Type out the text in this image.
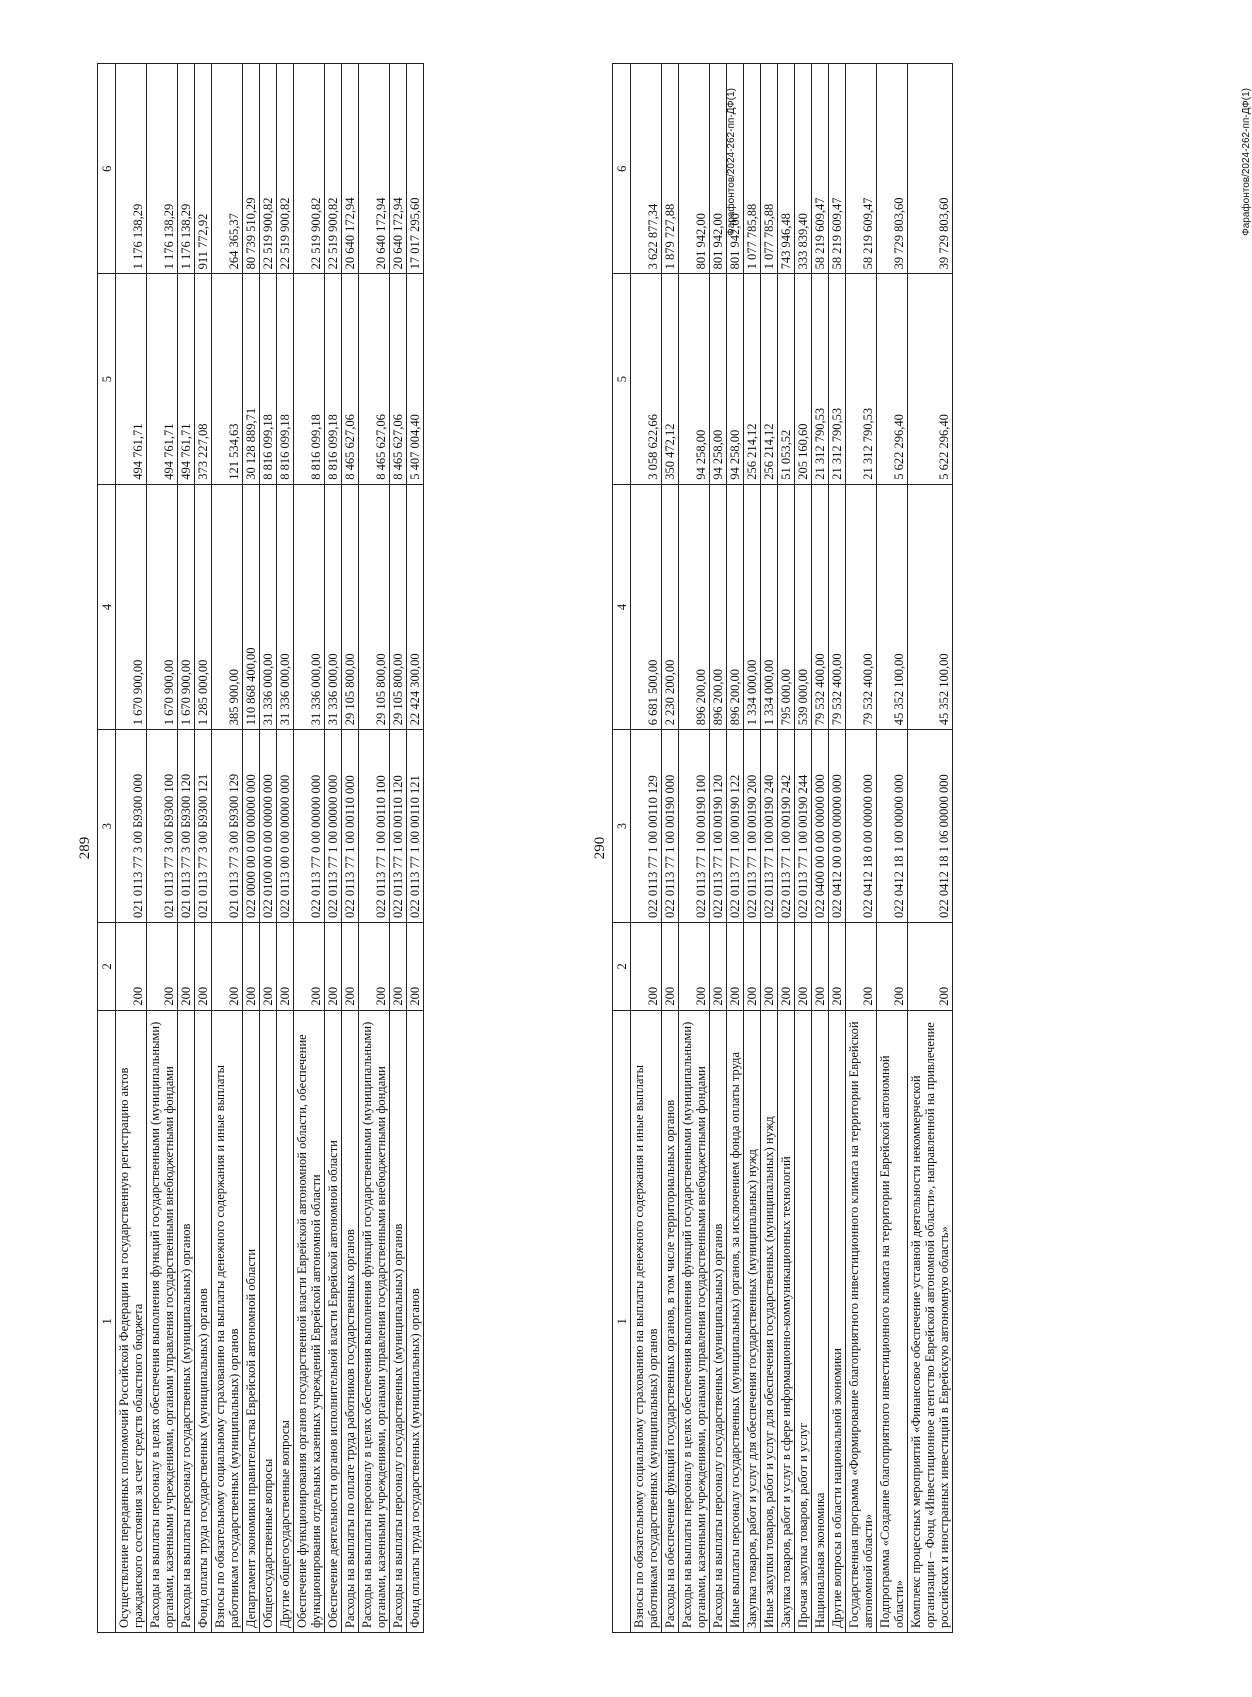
289
1	2	3	4	5	6
Осуществление переданных полномочий Российской Федерации на государственную регистрацию актов гражданского состояния за счет средств областного бюджета	200	021 0113 77 3 00 Б9300 000	1 670 900,00	494 761,71	1 176 138,29
Расходы на выплаты персоналу в целях обеспечения выполнения функций государственными (муниципальными) органами, казенными учреждениями, органами управления государственными внебюджетными фондами	200	021 0113 77 3 00 Б9300 100	1 670 900,00	494 761,71	1 176 138,29
Расходы на выплаты персоналу государственных (муниципальных) органов	200	021 0113 77 3 00 Б9300 120	1 670 900,00	494 761,71	1 176 138,29
Фонд оплаты труда государственных (муниципальных) органов	200	021 0113 77 3 00 Б9300 121	1 285 000,00	373 227,08	911 772,92
Взносы по обязательному социальному страхованию на выплаты денежного содержания и иные выплаты работникам государственных (муниципальных) органов	200	021 0113 77 3 00 Б9300 129	385 900,00	121 534,63	264 365,37
Департамент экономики правительства Еврейской автономной области	200	022 0000 00 0 00 00000 000	110 868 400,00	30 128 889,71	80 739 510,29
Общегосударственные вопросы	200	022 0100 00 0 00 00000 000	31 336 000,00	8 816 099,18	22 519 900,82
Другие общегосударственные вопросы	200	022 0113 00 0 00 00000 000	31 336 000,00	8 816 099,18	22 519 900,82
Обеспечение функционирования органов государственной власти Еврейской автономной области, обеспечение функционирования отдельных казенных учреждений Еврейской автономной области	200	022 0113 77 0 00 00000 000	31 336 000,00	8 816 099,18	22 519 900,82
Обеспечение деятельности органов исполнительной власти Еврейской автономной области	200	022 0113 77 1 00 00000 000	31 336 000,00	8 816 099,18	22 519 900,82
Расходы на выплаты по оплате труда работников государственных органов	200	022 0113 77 1 00 00110 000	29 105 800,00	8 465 627,06	20 640 172,94
Расходы на выплаты персоналу в целях обеспечения выполнения функций государственными (муниципальными) органами, казенными учреждениями, органами управления государственными внебюджетными фондами	200	022 0113 77 1 00 00110 100	29 105 800,00	8 465 627,06	20 640 172,94
Расходы на выплаты персоналу государственных (муниципальных) органов	200	022 0113 77 1 00 00110 120	29 105 800,00	8 465 627,06	20 640 172,94
Фонд оплаты труда государственных (муниципальных) органов	200	022 0113 77 1 00 00110 121	22 424 300,00	5 407 004,40	17 017 295,60	Фарафонтов/2024-262-пп-ДФ(1)
290
1	2	3	4	5	6
Взносы по обязательному социальному страхованию на выплаты денежного содержания и иные выплаты работникам государственных (муниципальных) органов	200	022 0113 77 1 00 00110 129	6 681 500,00	3 058 622,66	3 622 877,34
Расходы на обеспечение функций государственных органов, в том числе территориальных органов	200	022 0113 77 1 00 00190 000	2 230 200,00	350 472,12	1 879 727,88
Расходы на выплаты персоналу в целях обеспечения выполнения функций государственными (муниципальными) органами, казенными учреждениями, органами управления государственными внебюджетными фондами	200	022 0113 77 1 00 00190 100	896 200,00	94 258,00	801 942,00
Расходы на выплаты персоналу государственных (муниципальных) органов	200	022 0113 77 1 00 00190 120	896 200,00	94 258,00	801 942,00
Иные выплаты персоналу государственных (муниципальных) органов, за исключением фонда оплаты труда	200	022 0113 77 1 00 00190 122	896 200,00	94 258,00	801 942,00
Закупка товаров, работ и услуг для обеспечения государственных (муниципальных) нужд	200	022 0113 77 1 00 00190 200	1 334 000,00	256 214,12	1 077 785,88
Иные закупки товаров, работ и услуг для обеспечения государственных (муниципальных) нужд	200	022 0113 77 1 00 00190 240	1 334 000,00	256 214,12	1 077 785,88
Закупка товаров, работ и услуг в сфере информационно-коммуникационных технологий	200	022 0113 77 1 00 00190 242	795 000,00	51 053,52	743 946,48
Прочая закупка товаров, работ и услуг	200	022 0113 77 1 00 00190 244	539 000,00	205 160,60	333 839,40
Национальная экономика	200	022 0400 00 0 00 00000 000	79 532 400,00	21 312 790,53	58 219 609,47
Другие вопросы в области национальной экономики	200	022 0412 00 0 00 00000 000	79 532 400,00	21 312 790,53	58 219 609,47
Государственная программа «Формирование благоприятного инвестиционного климата на территории Еврейской автономной области»	200	022 0412 18 0 00 00000 000	79 532 400,00	21 312 790,53	58 219 609,47
Подпрограмма «Создание благоприятного инвестиционного климата на территории Еврейской автономной области»	200	022 0412 18 1 00 00000 000	45 352 100,00	5 622 296,40	39 729 803,60
Комплекс процессных мероприятий «Финансовое обеспечение уставной деятельности некоммерческой организации – Фонд «Инвестиционное агентство Еврейской автономной области», направленной на привлечение российских и иностранных инвестиций в Еврейскую автономную область»	200	022 0412 18 1 06 00000 000	45 352 100,00	5 622 296,40	39 729 803,60	Фарафонтов/2024-262-пп-ДФ(1)
